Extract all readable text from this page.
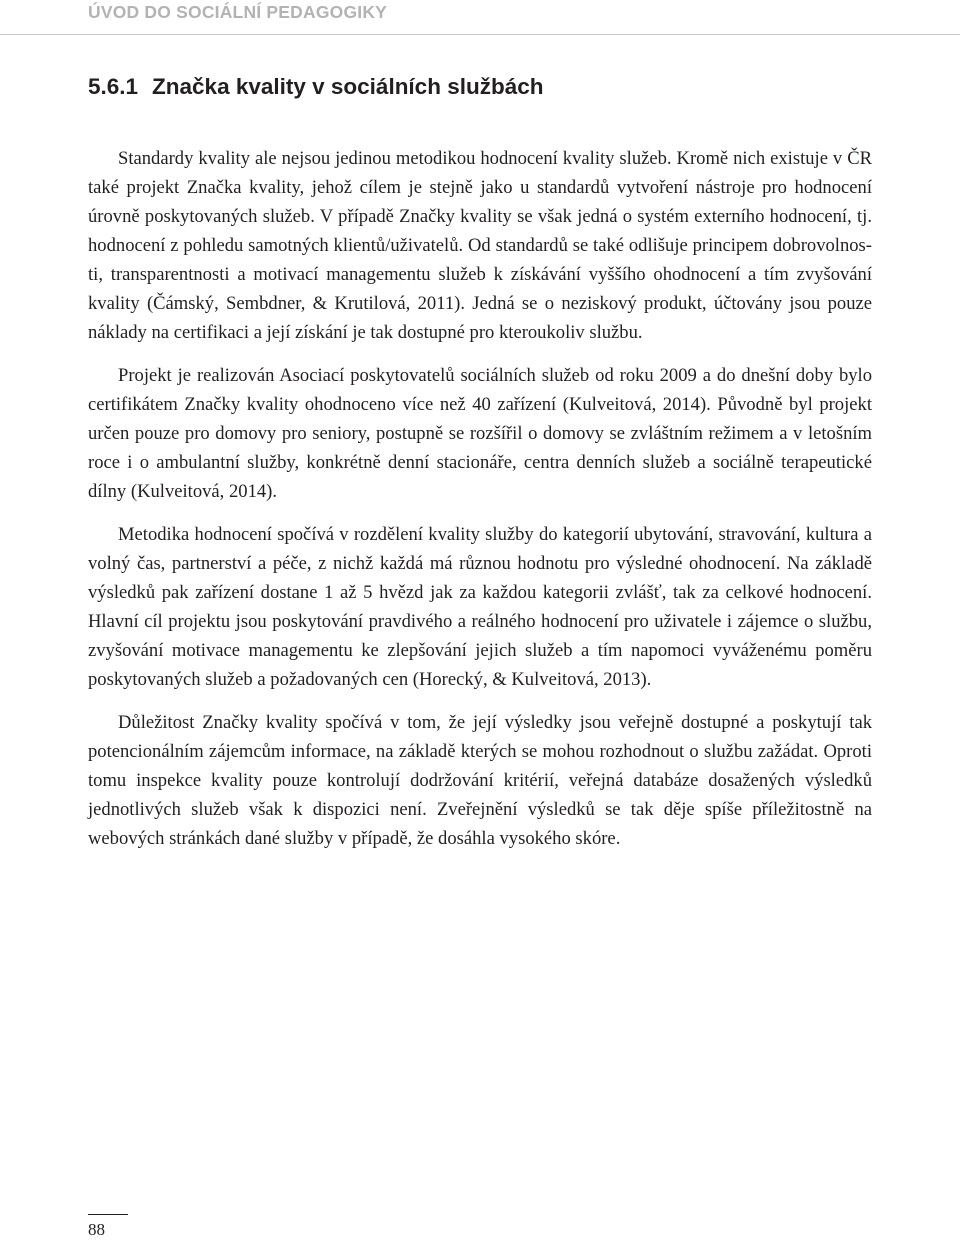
ÚVOD DO SOCIÁLNÍ PEDAGOGIKY
5.6.1 Značka kvality v sociálních službách

Standardy kvality ale nejsou jedinou metodikou hodnocení kvality služeb. Kromě nich existuje v ČR také projekt Značka kvality, jehož cílem je stejně jako u standardů vytvoření nástroje pro hodnocení úrovně poskytovaných služeb. V případě Značky kvality se však jedná o systém externího hodnocení, tj. hodnocení z pohledu samotných klientů/uživatelů. Od standardů se také odlišuje principem dobrovolnosti, transparentnosti a motivací managementu služeb k získávání vyššího ohodnocení a tím zvyšování kvality (Čámský, Sembdner, & Krutilová, 2011). Jedná se o neziskový produkt, účtovány jsou pouze náklady na certifikaci a její získání je tak dostupné pro kteroukoliv službu.

Projekt je realizován Asociací poskytovatelů sociálních služeb od roku 2009 a do dnešní doby bylo certifikátem Značky kvality ohodnoceno více než 40 zařízení (Kulveitová, 2014). Původně byl projekt určen pouze pro domovy pro seniory, postupně se rozšířil o domovy se zvláštním režimem a v letošním roce i o ambulantní služby, konkrétně denní stacionáře, centra denních služeb a sociálně terapeutické dílny (Kulveitová, 2014).

Metodika hodnocení spočívá v rozdělení kvality služby do kategorií ubytování, stravování, kultura a volný čas, partnerství a péče, z nichž každá má různou hodnotu pro výsledné ohodnocení. Na základě výsledků pak zařízení dostane 1 až 5 hvězd jak za každou kategorii zvlášť, tak za celkové hodnocení. Hlavní cíl projektu jsou poskytování pravdivého a reálného hodnocení pro uživatele i zájemce o službu, zvyšování motivace managementu ke zlepšování jejich služeb a tím napomoci vyváženému poměru poskytovaných služeb a požadovaných cen (Horecký, & Kulveitová, 2013).

Důležitost Značky kvality spočívá v tom, že její výsledky jsou veřejně dostupné a poskytují tak potencionálním zájemcům informace, na základě kterých se mohou rozhodnout o službu zažádat. Oproti tomu inspekce kvality pouze kontrolují dodržování kritérií, veřejná databáze dosažených výsledků jednotlivých služeb však k dispozici není. Zveřejnění výsledků se tak děje spíše příležitostně na webových stránkách dané služby v případě, že dosáhla vysokého skóre.

88
